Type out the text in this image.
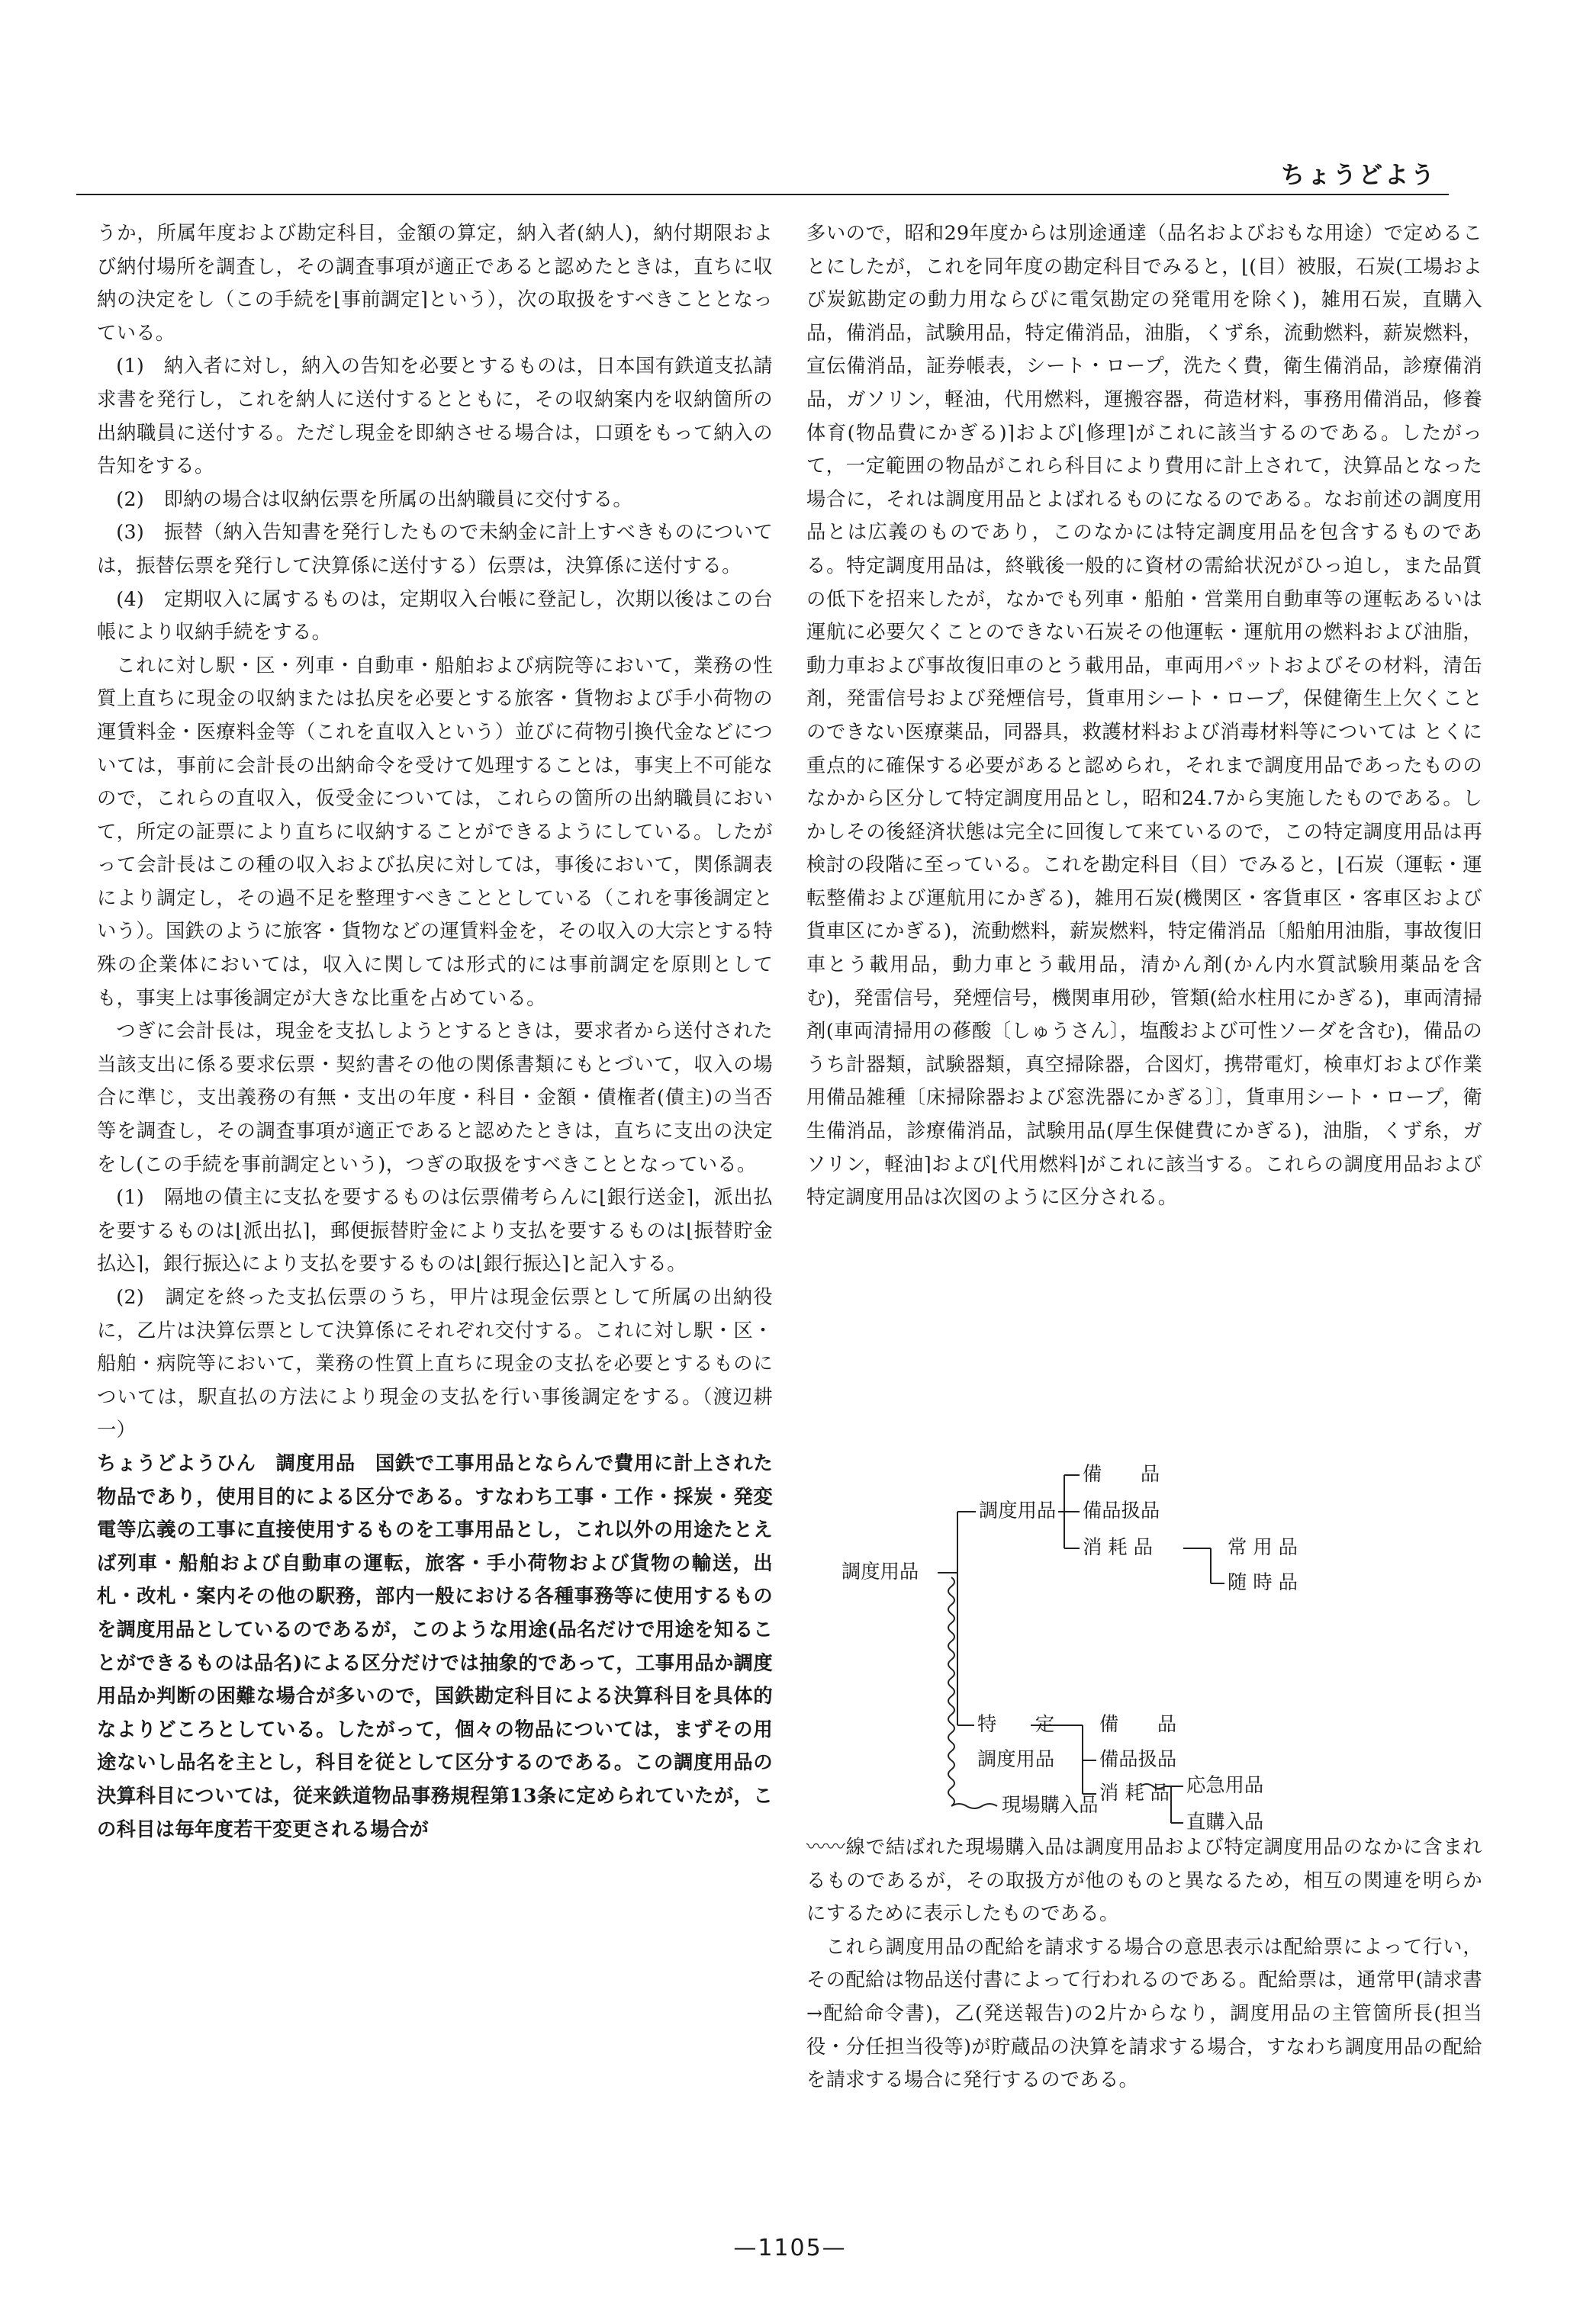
ちょうどよう

うか，所属年度および勘定科目，金額の算定，納入者(納人)，納付期限および納付場所を調査し，その調査事項が適正であると認めたときは，直ちに収納の決定をし（この手続を⌊事前調定⌉という），次の取扱をすべきこととなっている。

(1)　納入者に対し，納入の告知を必要とするものは，日本国有鉄道支払請求書を発行し，これを納人に送付するとともに，その収納案内を収納箇所の出納職員に送付する。ただし現金を即納させる場合は，口頭をもって納入の告知をする。

(2)　即納の場合は収納伝票を所属の出納職員に交付する。

(3)　振替（納入告知書を発行したもので未納金に計上すべきものについては，振替伝票を発行して決算係に送付する）伝票は，決算係に送付する。

(4)　定期収入に属するものは，定期収入台帳に登記し，次期以後はこの台帳により収納手続をする。

これに対し駅・区・列車・自動車・船舶および病院等において，業務の性質上直ちに現金の収納または払戻を必要とする旅客・貨物および手小荷物の運賃料金・医療料金等（これを直収入という）並びに荷物引換代金などについては，事前に会計長の出納命令を受けて処理することは，事実上不可能なので，これらの直収入，仮受金については，これらの箇所の出納職員において，所定の証票により直ちに収納することができるようにしている。したがって会計長はこの種の収入および払戻に対しては，事後において，関係調表により調定し，その過不足を整理すべきこととしている（これを事後調定という）。国鉄のように旅客・貨物などの運賃料金を，その収入の大宗とする特殊の企業体においては，収入に関しては形式的には事前調定を原則としても，事実上は事後調定が大きな比重を占めている。

つぎに会計長は，現金を支払しようとするときは，要求者から送付された当該支出に係る要求伝票・契約書その他の関係書類にもとづいて，収入の場合に準じ，支出義務の有無・支出の年度・科目・金額・債権者(債主)の当否等を調査し，その調査事項が適正であると認めたときは，直ちに支出の決定をし(この手続を事前調定という)，つぎの取扱をすべきこととなっている。

(1)　隔地の債主に支払を要するものは伝票備考らんに⌊銀行送金⌉，派出払を要するものは⌊派出払⌉，郵便振替貯金により支払を要するものは⌊振替貯金払込⌉，銀行振込により支払を要するものは⌊銀行振込⌉と記入する。

(2)　調定を終った支払伝票のうち，甲片は現金伝票として所属の出納役に，乙片は決算伝票として決算係にそれぞれ交付する。これに対し駅・区・船舶・病院等において，業務の性質上直ちに現金の支払を必要とするものについては，駅直払の方法により現金の支払を行い事後調定をする。（渡辺耕一）

ちょうどようひん　調度用品　国鉄で工事用品とならんで費用に計上された物品であり，使用目的による区分である。すなわち工事・工作・採炭・発変電等広義の工事に直接使用するものを工事用品とし，これ以外の用途たとえば列車・船舶および自動車の運転，旅客・手小荷物および貨物の輸送，出札・改札・案内その他の駅務，部内一般における各種事務等に使用するものを調度用品としているのであるが，このような用途(品名だけで用途を知ることができるものは品名)による区分だけでは抽象的であって，工事用品か調度用品か判断の困難な場合が多いので，国鉄勘定科目による決算科目を具体的なよりどころとしている。したがって，個々の物品については，まずその用途ないし品名を主とし，科目を従として区分するのである。この調度用品の決算科目については，従来鉄道物品事務規程第13条に定められていたが，この科目は毎年度若干変更される場合が

多いので，昭和29年度からは別途通達（品名およびおもな用途）で定めることにしたが，これを同年度の勘定科目でみると，⌊(目）被服，石炭(工場および炭鉱勘定の動力用ならびに電気勘定の発電用を除く)，雑用石炭，直購入品，備消品，試験用品，特定備消品，油脂，くず糸，流動燃料，薪炭燃料，宣伝備消品，証券帳表，シート・ロープ，洗たく費，衛生備消品，診療備消品，ガソリン，軽油，代用燃料，運搬容器，荷造材料，事務用備消品，修養体育(物品費にかぎる)⌉および⌊修理⌉がこれに該当するのである。したがって，一定範囲の物品がこれら科目により費用に計上されて，決算品となった場合に，それは調度用品とよばれるものになるのである。なお前述の調度用品とは広義のものであり，このなかには特定調度用品を包含するものである。特定調度用品は，終戦後一般的に資材の需給状況がひっ迫し，また品質の低下を招来したが，なかでも列車・船舶・営業用自動車等の運転あるいは運航に必要欠くことのできない石炭その他運転・運航用の燃料および油脂，動力車および事故復旧車のとう載用品，車両用パットおよびその材料，清缶剤，発雷信号および発煙信号，貨車用シート・ロープ，保健衛生上欠くことのできない医療薬品，同器具，救護材料および消毒材料等については とくに重点的に確保する必要があると認められ，それまで調度用品であったもののなかから区分して特定調度用品とし，昭和24.7から実施したものである。しかしその後経済状態は完全に回復して来ているので，この特定調度用品は再検討の段階に至っている。これを勘定科目（目）でみると，⌊石炭（運転・運転整備および運航用にかぎる)，雑用石炭(機関区・客貨車区・客車区および貨車区にかぎる)，流動燃料，薪炭燃料，特定備消品〔船舶用油脂，事故復旧車とう載用品，動力車とう載用品，清かん剤(かん内水質試験用薬品を含む)，発雷信号，発煙信号，機関車用砂，管類(給水柱用にかぎる)，車両清掃剤(車両清掃用の蓚酸〔しゅうさん〕，塩酸および可性ソーダを含む)，備品のうち計器類，試験器類，真空掃除器，合図灯，携帯電灯，検車灯および作業用備品雑種〔床掃除器および窓洗器にかぎる〕〕，貨車用シート・ロープ，衛生備消品，診療備消品，試験用品(厚生保健費にかぎる)，油脂，くず糸，ガソリン，軽油⌉および⌊代用燃料⌉がこれに該当する。これらの調度用品および特定調度用品は次図のように区分される。

調度用品
調度用品
備　　品
備品扱品
消 耗 品	常 用 品
随 時 品
特　　定
調度用品
備　　品
備品扱品
消 耗 品
現場購入品
応急用品
直購入品

〰〰線で結ばれた現場購入品は調度用品および特定調度用品のなかに含まれるものであるが，その取扱方が他のものと異なるため，相互の関連を明らかにするために表示したものである。

これら調度用品の配給を請求する場合の意思表示は配給票によって行い，その配給は物品送付書によって行われるのである。配給票は，通常甲(請求書→配給命令書)，乙(発送報告)の2片からなり，調度用品の主管箇所長(担当役・分任担当役等)が貯蔵品の決算を請求する場合，すなわち調度用品の配給を請求する場合に発行するのである。

—1105—
